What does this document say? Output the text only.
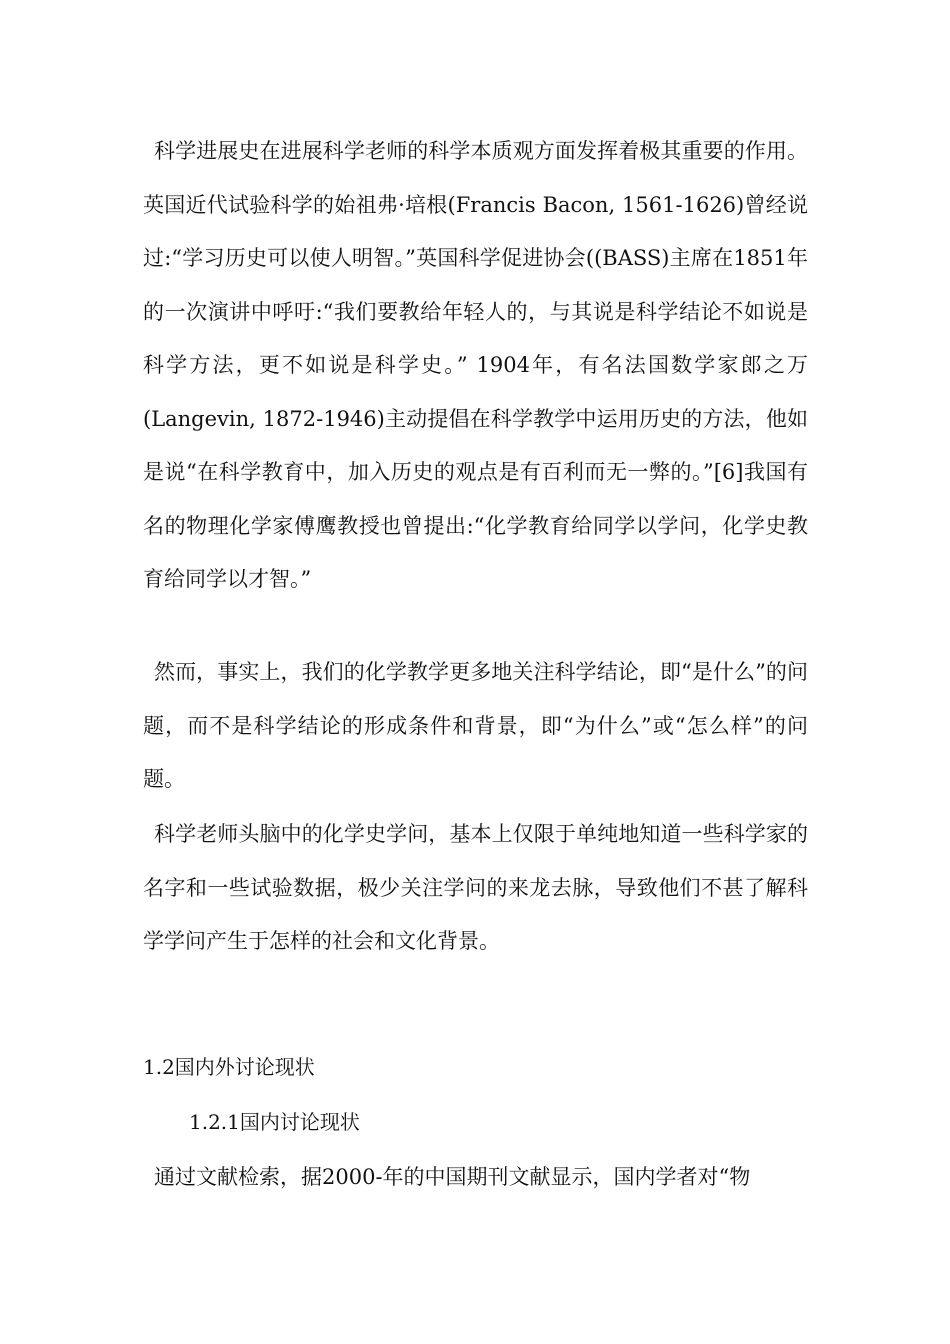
科学进展史在进展科学老师的科学本质观方面发挥着极其重要的作用。英国近代试验科学的始祖弗·培根(Francis Bacon, 1561-1626)曾经说过:“学习历史可以使人明智。”英国科学促进协会((BASS)主席在1851年的一次演讲中呼吁:“我们要教给年轻人的，与其说是科学结论不如说是科学方法，更不如说是科学史。” 1904年，有名法国数学家郎之万(Langevin, 1872-1946)主动提倡在科学教学中运用历史的方法，他如是说“在科学教育中，加入历史的观点是有百利而无一弊的。”[6]我国有名的物理化学家傅鹰教授也曾提出:“化学教育给同学以学问，化学史教育给同学以才智。”

然而，事实上，我们的化学教学更多地关注科学结论，即“是什么”的问题，而不是科学结论的形成条件和背景，即“为什么”或“怎么样”的问题。

科学老师头脑中的化学史学问，基本上仅限于单纯地知道一些科学家的名字和一些试验数据，极少关注学问的来龙去脉，导致他们不甚了解科学学问产生于怎样的社会和文化背景。

1.2国内外讨论现状

1.2.1国内讨论现状

通过文献检索，据2000-年的中国期刊文献显示，国内学者对“物
